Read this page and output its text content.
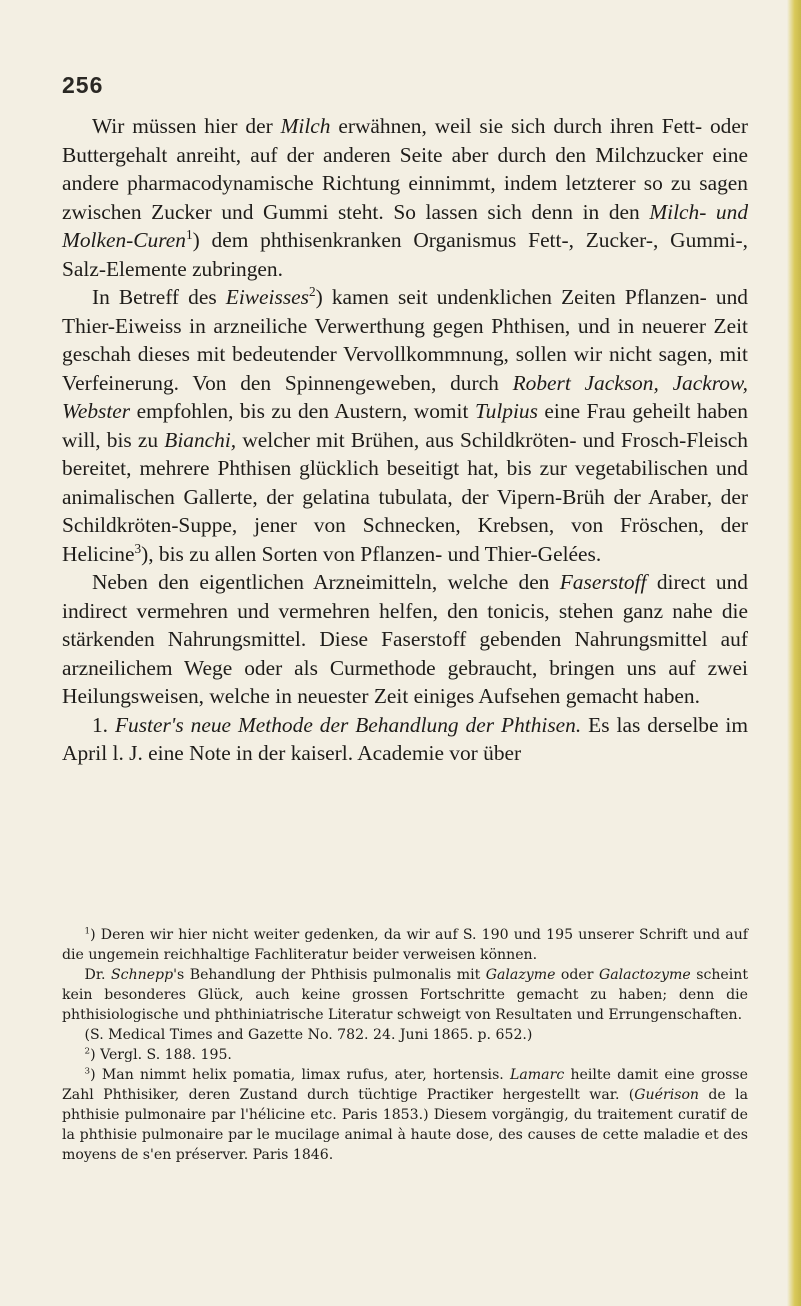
256

Wir müssen hier der Milch erwähnen, weil sie sich durch ihren Fett- oder Buttergehalt anreiht, auf der anderen Seite aber durch den Milchzucker eine andere pharmacodynamische Richtung einnimmt, indem letzterer so zu sagen zwischen Zucker und Gummi steht. So lassen sich denn in den Milch- und Molken-Curen$^1$) dem phthisenkranken Organismus Fett-, Zucker-, Gummi-, Salz-Elemente zubringen.

In Betreff des Eiweisses$^2$) kamen seit undenklichen Zeiten Pflanzen- und Thier-Eiweiss in arzneiliche Verwerthung gegen Phthisen, und in neuerer Zeit geschah dieses mit bedeutender Vervollkommnung, sollen wir nicht sagen, mit Verfeinerung. Von den Spinnengeweben, durch Robert Jackson, Jackrow, Webster empfohlen, bis zu den Austern, womit Tulpius eine Frau geheilt haben will, bis zu Bianchi, welcher mit Brühen, aus Schildkröten- und Frosch-Fleisch bereitet, mehrere Phthisen glücklich beseitigt hat, bis zur vegetabilischen und animalischen Gallerte, der gelatina tubulata, der Vipern-Brüh der Araber, der Schildkröten-Suppe, jener von Schnecken, Krebsen, von Fröschen, der Helicine$^3$), bis zu allen Sorten von Pflanzen- und Thier-Gelées.

Neben den eigentlichen Arzneimitteln, welche den Faserstoff direct und indirect vermehren und vermehren helfen, den tonicis, stehen ganz nahe die stärkenden Nahrungsmittel. Diese Faserstoff gebenden Nahrungsmittel auf arzneilichem Wege oder als Curmethode gebraucht, bringen uns auf zwei Heilungsweisen, welche in neuester Zeit einiges Aufsehen gemacht haben.

1. Fuster's neue Methode der Behandlung der Phthisen. Es las derselbe im April l. J. eine Note in der kaiserl. Academie vor über

$^1$) Deren wir hier nicht weiter gedenken, da wir auf S. 190 und 195 unserer Schrift und auf die ungemein reichhaltige Fachliteratur beider verweisen können.

Dr. Schnepp's Behandlung der Phthisis pulmonalis mit Galazyme oder Galactozyme scheint kein besonderes Glück, auch keine grossen Fortschritte gemacht zu haben; denn die phthisiologische und phthiniatrische Literatur schweigt von Resultaten und Errungenschaften.

(S. Medical Times and Gazette No. 782. 24. Juni 1865. p. 652.)

$^2$) Vergl. S. 188. 195.

$^3$) Man nimmt helix pomatia, limax rufus, ater, hortensis. Lamarc heilte damit eine grosse Zahl Phthisiker, deren Zustand durch tüchtige Practiker hergestellt war. (Guérison de la phthisie pulmonaire par l'hélicine etc. Paris 1853.) Diesem vorgängig, du traitement curatif de la phthisie pulmonaire par le mucilage animal à haute dose, des causes de cette maladie et des moyens de s'en préserver. Paris 1846.
